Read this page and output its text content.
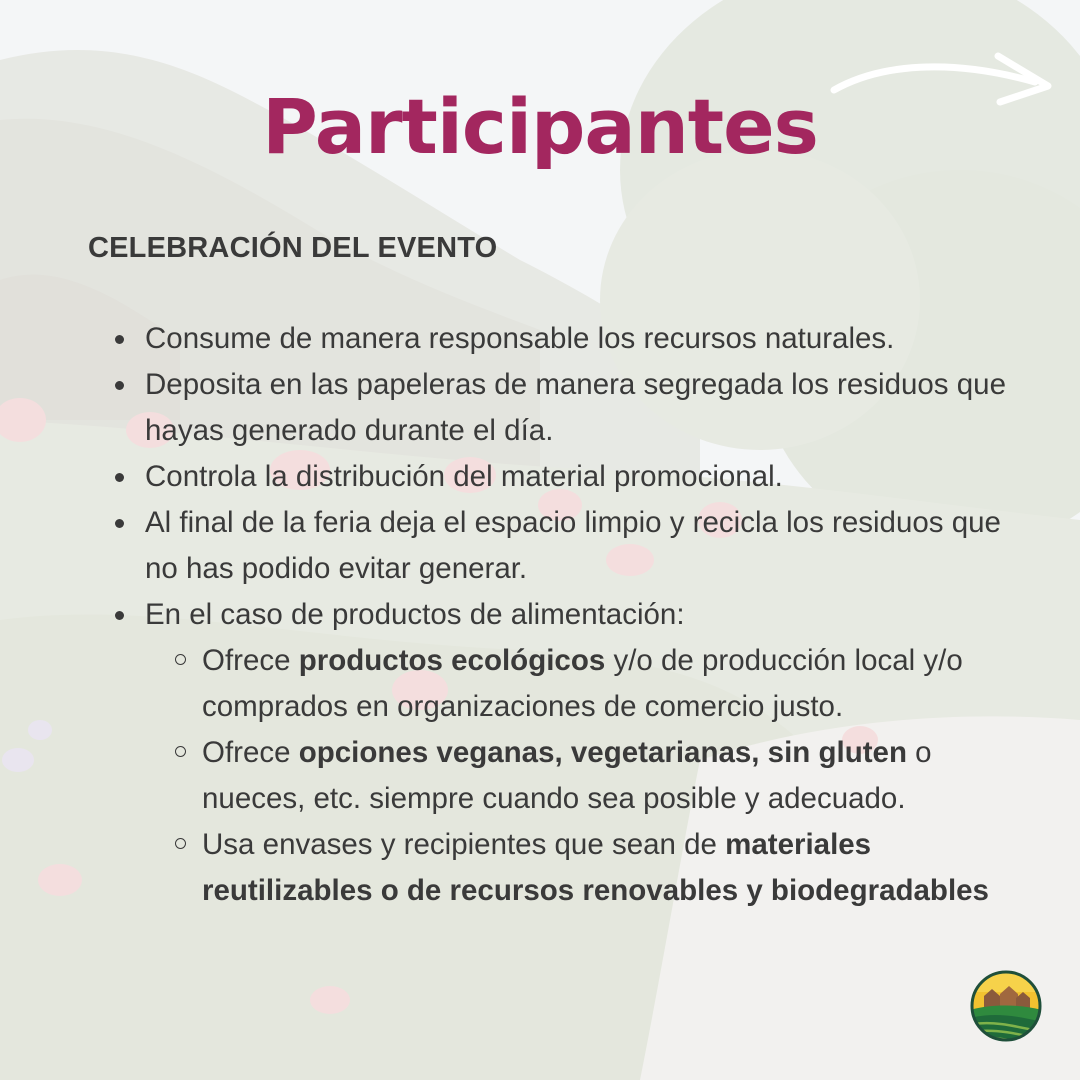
Participantes
CELEBRACIÓN DEL EVENTO
Consume de manera responsable los recursos naturales.
Deposita en las papeleras de manera segregada los residuos que hayas generado durante el día.
Controla la distribución del material promocional.
Al final de la feria deja el espacio limpio y recicla los residuos que no has podido evitar generar.
En el caso de productos de alimentación:
Ofrece productos ecológicos y/o de producción local y/o comprados en organizaciones de comercio justo.
Ofrece opciones veganas, vegetarianas, sin gluten o nueces, etc. siempre cuando sea posible y adecuado.
Usa envases y recipientes que sean de materiales reutilizables o de recursos renovables y biodegradables
